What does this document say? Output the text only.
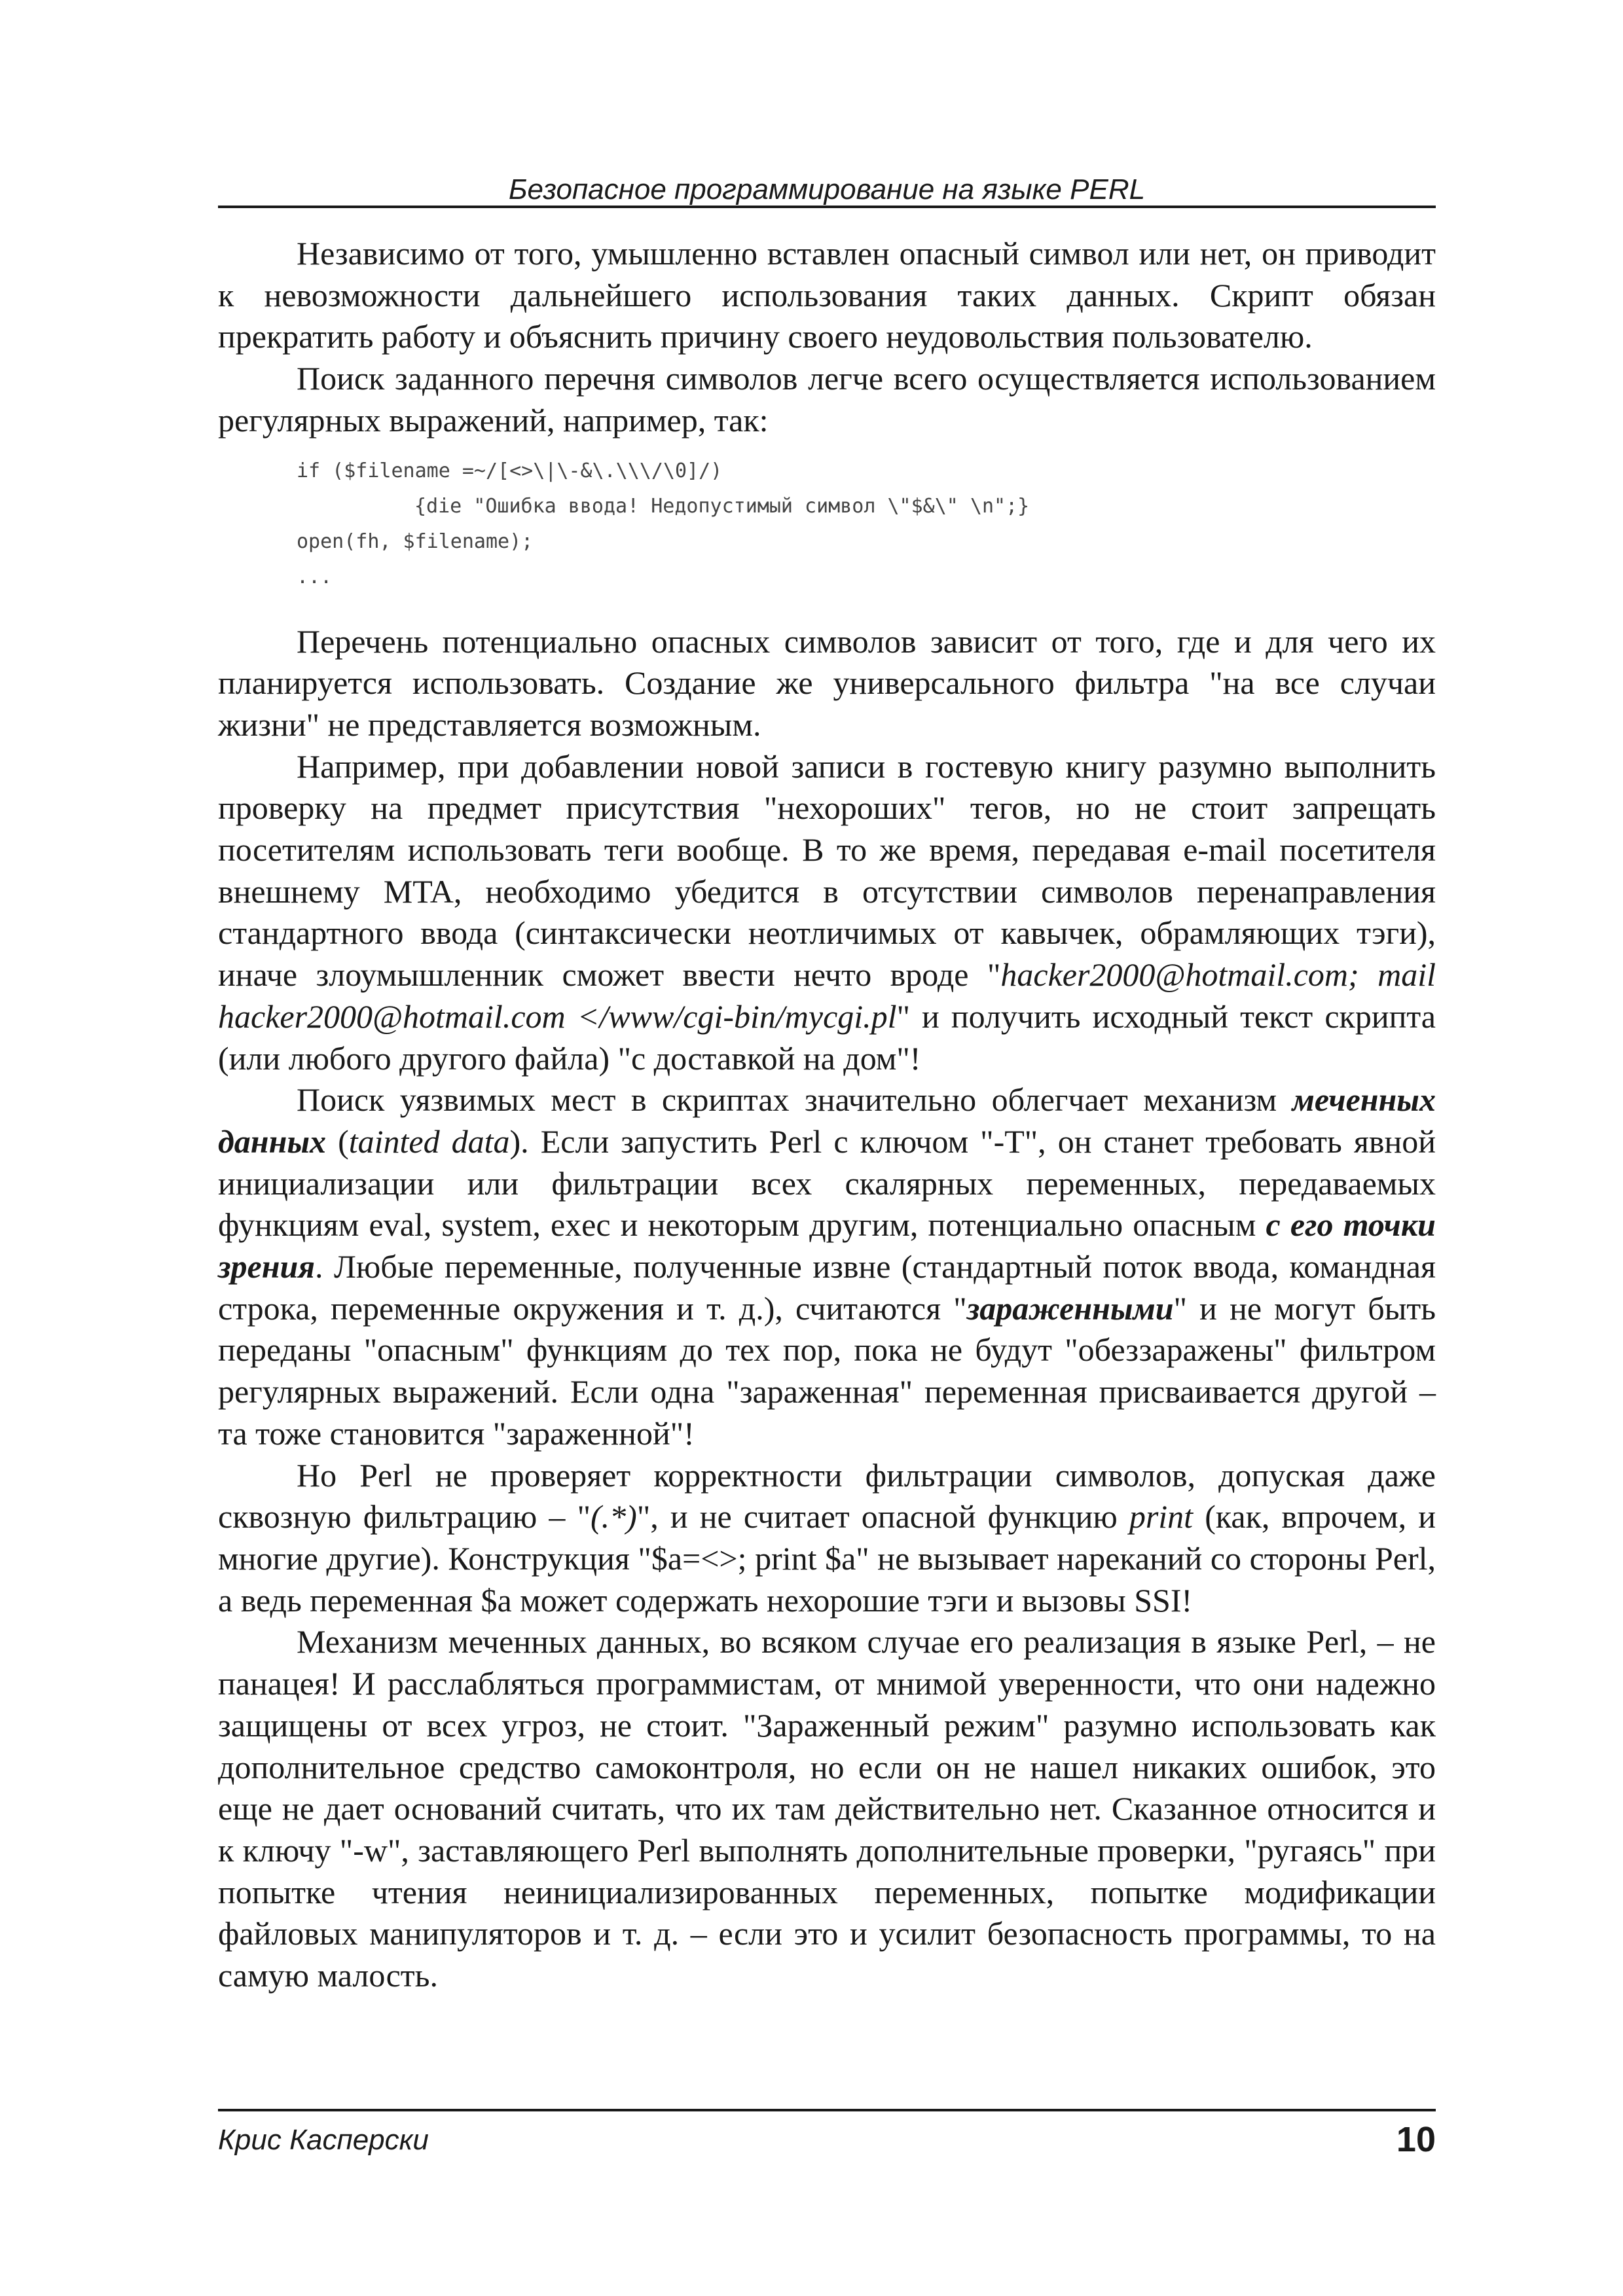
Безопасное программирование на языке PERL

Независимо от того, умышленно вставлен опасный символ или нет, он приводит к невозможности дальнейшего использования таких данных. Скрипт обязан прекратить работу и объяснить причину своего неудовольствия пользователю.

Поиск заданного перечня символов легче всего осуществляется использованием регулярных выражений, например, так:

if ($filename =~/[<>\|\-&\.\\\/\0]/)
{die "Ошибка ввода! Недопустимый символ \"$&\" \n";}
open(fh, $filename);
...

Перечень потенциально опасных символов зависит от того, где и для чего их планируется использовать. Создание же универсального фильтра "на все случаи жизни" не представляется возможным.

Например, при добавлении новой записи в гостевую книгу разумно выполнить проверку на предмет присутствия "нехороших" тегов, но не стоит запрещать посетителям использовать теги вообще. В то же время, передавая e-mail посетителя внешнему MTA, необходимо убедится в отсутствии символов перенаправления стандартного ввода (синтаксически неотличимых от кавычек, обрамляющих тэги), иначе злоумышленник сможет ввести нечто вроде "hacker2000@hotmail.com; mail hacker2000@hotmail.com </www/cgi-bin/mycgi.pl" и получить исходный текст скрипта (или любого другого файла) "с доставкой на дом"!

Поиск уязвимых мест в скриптах значительно облегчает механизм меченных данных (tainted data). Если запустить Perl с ключом "-T", он станет требовать явной инициализации или фильтрации всех скалярных переменных, передаваемых функциям eval, system, exec и некоторым другим, потенциально опасным с его точки зрения. Любые переменные, полученные извне (стандартный поток ввода, командная строка, переменные окружения и т. д.), считаются "зараженными" и не могут быть переданы "опасным" функциям до тех пор, пока не будут "обеззаражены" фильтром регулярных выражений. Если одна "зараженная" переменная присваивается другой – та тоже становится "зараженной"!

Но Perl не проверяет корректности фильтрации символов, допуская даже сквозную фильтрацию – "(.*)", и не считает опасной функцию print (как, впрочем, и многие другие). Конструкция "$a=<>; print $a" не вызывает нареканий со стороны Perl, а ведь переменная $a может содержать нехорошие тэги и вызовы SSI!

Механизм меченных данных, во всяком случае его реализация в языке Perl, – не панацея! И расслабляться программистам, от мнимой уверенности, что они надежно защищены от всех угроз, не стоит. "Зараженный режим" разумно использовать как дополнительное средство самоконтроля, но если он не нашел никаких ошибок, это еще не дает оснований считать, что их там действительно нет. Сказанное относится и к ключу "-w", заставляющего Perl выполнять дополнительные проверки, "ругаясь" при попытке чтения неинициализированных переменных, попытке модификации файловых манипуляторов и т. д. – если это и усилит безопасность программы, то на самую малость.

Крис Касперски	10
